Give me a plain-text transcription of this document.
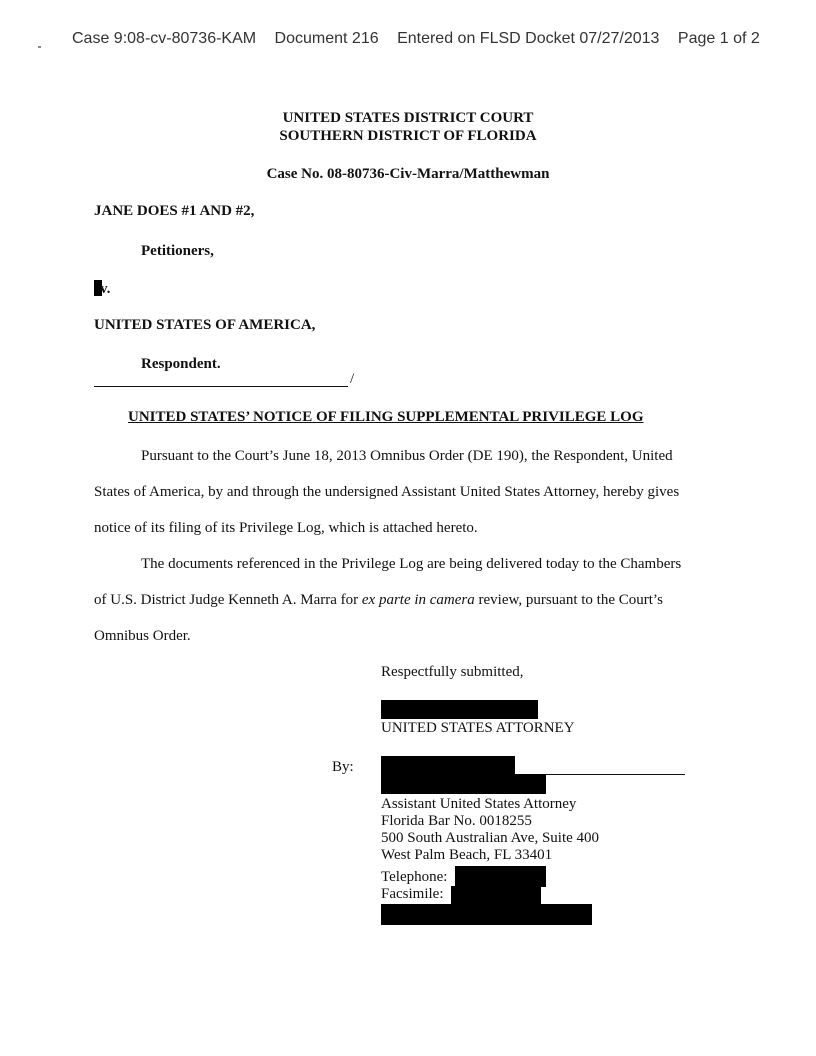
Case 9:08-cv-80736-KAM Document 216 Entered on FLSD Docket 07/27/2013 Page 1 of 2
UNITED STATES DISTRICT COURT
SOUTHERN DISTRICT OF FLORIDA
Case No. 08-80736-Civ-Marra/Matthewman
JANE DOES #1 AND #2,
Petitioners,
v.
UNITED STATES OF AMERICA,
Respondent.
/
UNITED STATES’ NOTICE OF FILING SUPPLEMENTAL PRIVILEGE LOG
Pursuant to the Court’s June 18, 2013 Omnibus Order (DE 190), the Respondent, United
States of America, by and through the undersigned Assistant United States Attorney, hereby gives
notice of its filing of its Privilege Log, which is attached hereto.
The documents referenced in the Privilege Log are being delivered today to the Chambers
of U.S. District Judge Kenneth A. Marra for ex parte in camera review, pursuant to the Court’s
Omnibus Order.
Respectfully submitted,
UNITED STATES ATTORNEY
By:
Assistant United States Attorney
Florida Bar No. 0018255
500 South Australian Ave, Suite 400
West Palm Beach, FL 33401
Telephone:
Facsimile:
